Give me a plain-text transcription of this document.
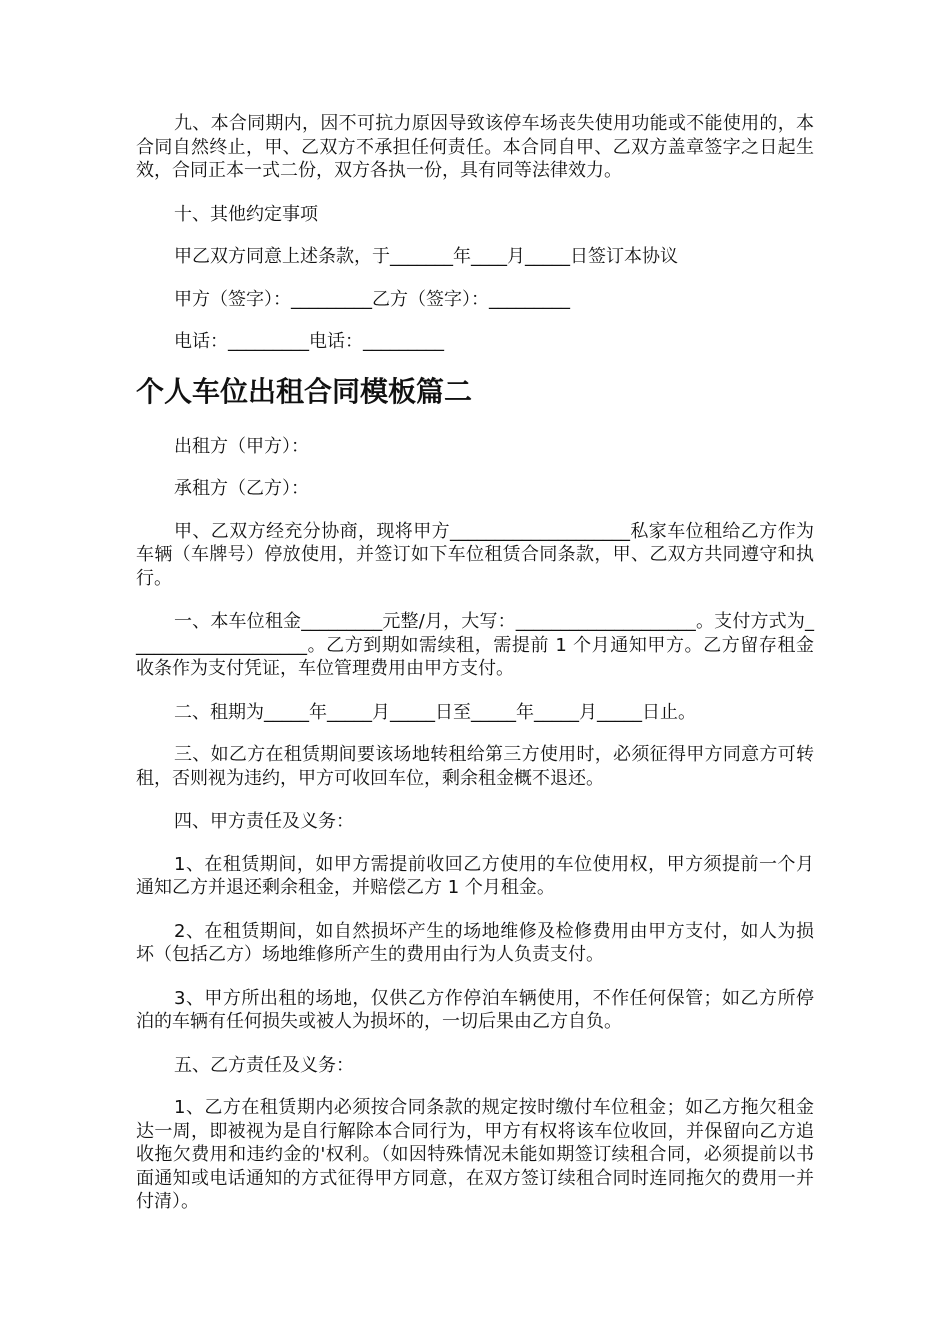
九、本合同期内，因不可抗力原因导致该停车场丧失使用功能或不能使用的，本合同自然终止，甲、乙双方不承担任何责任。本合同自甲、乙双方盖章签字之日起生效，合同正本一式二份，双方各执一份，具有同等法律效力。

十、其他约定事项

甲乙双方同意上述条款，于_______年____月_____日签订本协议

甲方（签字）：_________乙方（签字）：_________

电话：_________电话：_________

个人车位出租合同模板篇二

出租方（甲方）：

承租方（乙方）：

甲、乙双方经充分协商，现将甲方____________________私家车位租给乙方作为车辆（车牌号）停放使用，并签订如下车位租赁合同条款，甲、乙双方共同遵守和执行。

一、本车位租金_________元整/月，大写：____________________。支付方式为____________________。乙方到期如需续租，需提前 1 个月通知甲方。乙方留存租金收条作为支付凭证，车位管理费用由甲方支付。

二、租期为_____年_____月_____日至_____年_____月_____日止。

三、如乙方在租赁期间要该场地转租给第三方使用时，必须征得甲方同意方可转租，否则视为违约，甲方可收回车位，剩余租金概不退还。

四、甲方责任及义务：

1、在租赁期间，如甲方需提前收回乙方使用的车位使用权，甲方须提前一个月通知乙方并退还剩余租金，并赔偿乙方 1 个月租金。

2、在租赁期间，如自然损坏产生的场地维修及检修费用由甲方支付，如人为损坏（包括乙方）场地维修所产生的费用由行为人负责支付。

3、甲方所出租的场地，仅供乙方作停泊车辆使用，不作任何保管；如乙方所停泊的车辆有任何损失或被人为损坏的，一切后果由乙方自负。

五、乙方责任及义务：

1、乙方在租赁期内必须按合同条款的规定按时缴付车位租金；如乙方拖欠租金达一周，即被视为是自行解除本合同行为，甲方有权将该车位收回，并保留向乙方追收拖欠费用和违约金的'权利。（如因特殊情况未能如期签订续租合同，必须提前以书面通知或电话通知的方式征得甲方同意，在双方签订续租合同时连同拖欠的费用一并付清）。
